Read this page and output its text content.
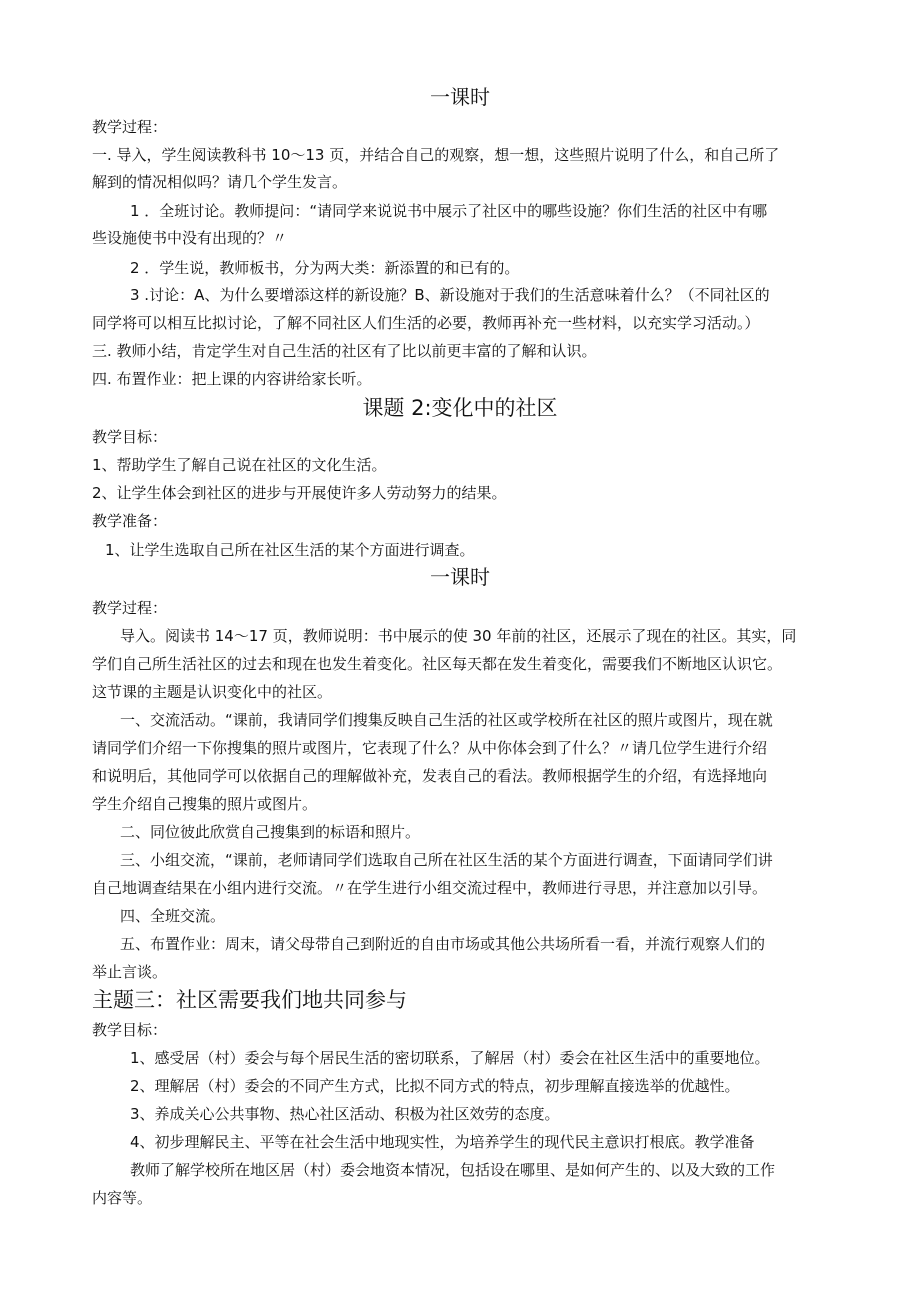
一课时
教学过程：
一. 导入，学生阅读教科书 10～13 页，并结合自己的观察，想一想，这些照片说明了什么，和自己所了
解到的情况相似吗？请几个学生发言。
1 ．全班讨论。教师提问：“请同学来说说书中展示了社区中的哪些设施？你们生活的社区中有哪
些设施使书中没有出现的？〃
2 ．学生说，教师板书，分为两大类：新添置的和已有的。
3 .讨论：A、为什么要增添这样的新设施？B、新设施对于我们的生活意味着什么？（不同社区的
同学将可以相互比拟讨论，了解不同社区人们生活的必要，教师再补充一些材料，以充实学习活动。）
三. 教师小结，肯定学生对自己生活的社区有了比以前更丰富的了解和认识。
四. 布置作业：把上课的内容讲给家长听。
课题 2:变化中的社区
教学目标：
1、帮助学生了解自己说在社区的文化生活。
2、让学生体会到社区的进步与开展使许多人劳动努力的结果。
教学准备：
1、让学生选取自己所在社区生活的某个方面进行调查。
一课时
教学过程：
导入。阅读书 14～17 页，教师说明：书中展示的使 30 年前的社区，还展示了现在的社区。其实，同
学们自己所生活社区的过去和现在也发生着变化。社区每天都在发生着变化，需要我们不断地区认识它。
这节课的主题是认识变化中的社区。
一、交流活动。“课前，我请同学们搜集反映自己生活的社区或学校所在社区的照片或图片，现在就
请同学们介绍一下你搜集的照片或图片，它表现了什么？从中你体会到了什么？〃请几位学生进行介绍
和说明后，其他同学可以依据自己的理解做补充，发表自己的看法。教师根据学生的介绍，有选择地向
学生介绍自己搜集的照片或图片。
二、同位彼此欣赏自己搜集到的标语和照片。
三、小组交流，“课前，老师请同学们选取自己所在社区生活的某个方面进行调查，下面请同学们讲
自己地调查结果在小组内进行交流。〃在学生进行小组交流过程中，教师进行寻思，并注意加以引导。
四、全班交流。
五、布置作业：周末，请父母带自己到附近的自由市场或其他公共场所看一看，并流行观察人们的
举止言谈。
主题三：社区需要我们地共同参与
教学目标：
1、感受居（村）委会与每个居民生活的密切联系，了解居（村）委会在社区生活中的重要地位。
2、理解居（村）委会的不同产生方式，比拟不同方式的特点，初步理解直接选举的优越性。
3、养成关心公共事物、热心社区活动、积极为社区效劳的态度。
4、初步理解民主、平等在社会生活中地现实性，为培养学生的现代民主意识打根底。教学准备
教师了解学校所在地区居（村）委会地资本情况，包括设在哪里、是如何产生的、以及大致的工作
内容等。
